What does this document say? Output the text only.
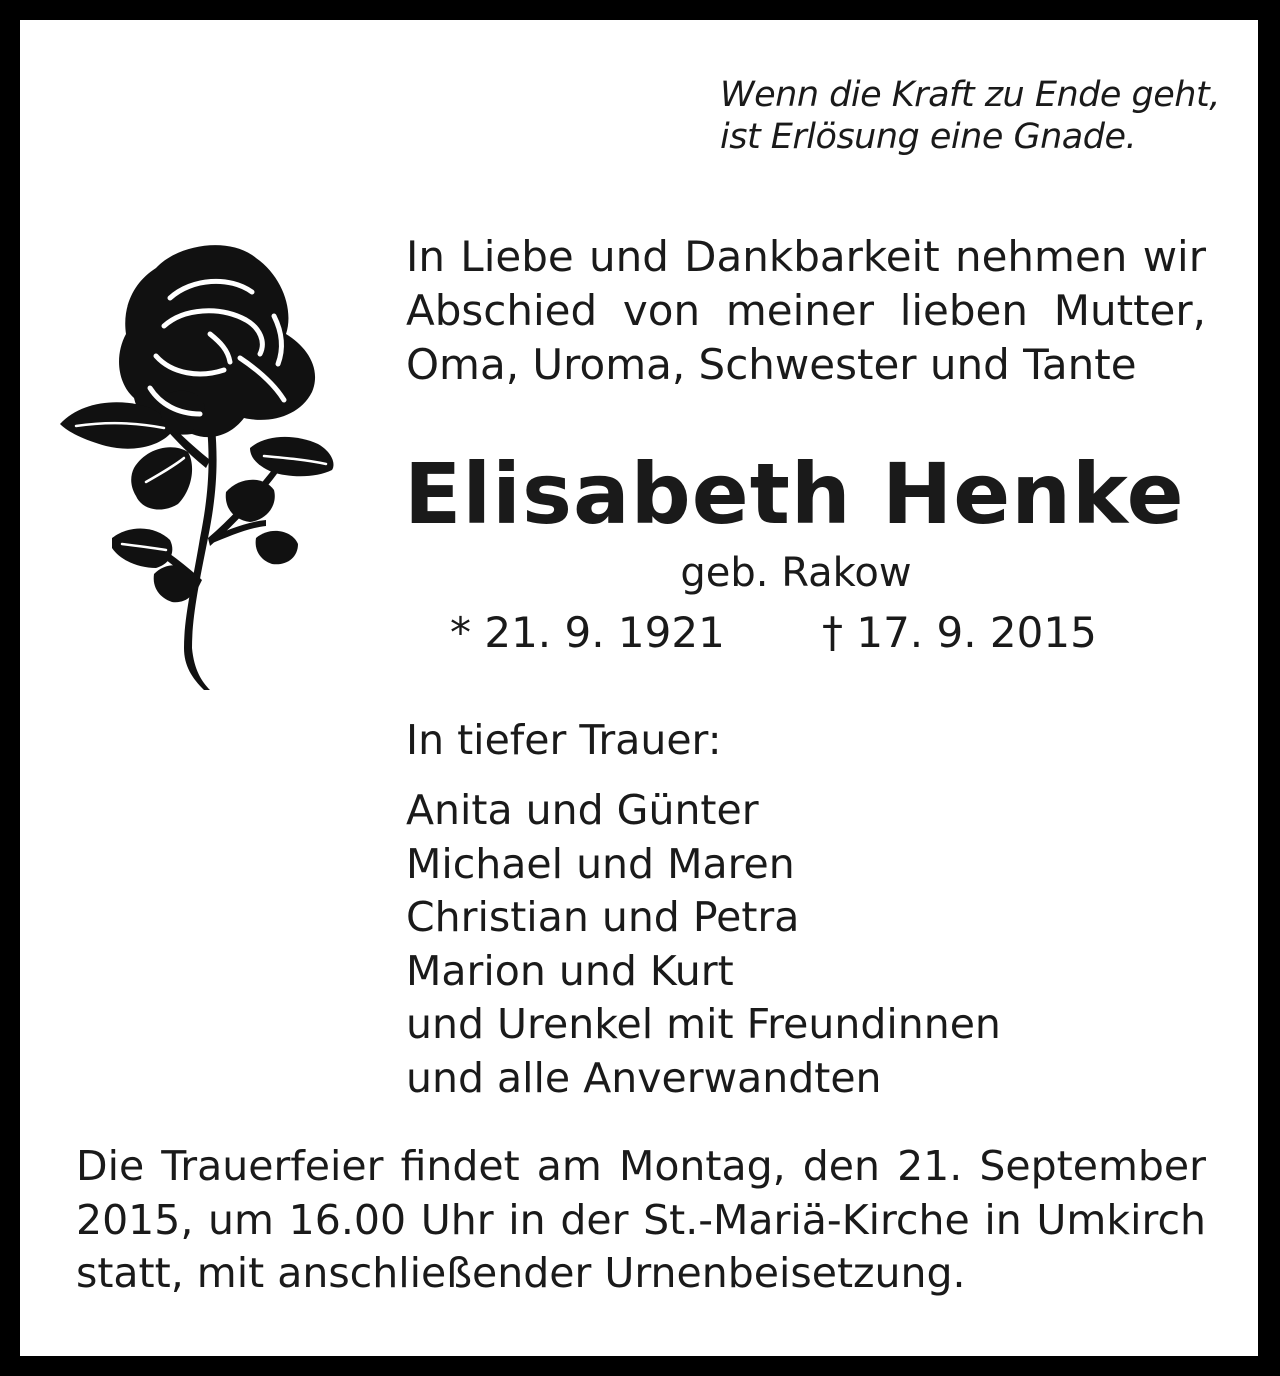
Wenn die Kraft zu Ende geht,
ist Erlösung eine Gnade.
In Liebe und Dankbarkeit nehmen wir
Abschied von meiner lieben Mutter,
Oma, Uroma, Schwester und Tante
Elisabeth Henke
geb. Rakow
* 21. 9. 1921 † 17. 9. 2015
In tiefer Trauer:
Anita und Günter
Michael und Maren
Christian und Petra
Marion und Kurt
und Urenkel mit Freundinnen
und alle Anverwandten
Die Trauerfeier findet am Montag, den 21. September
2015, um 16.00 Uhr in der St.-Mariä-Kirche in Umkirch
statt, mit anschließender Urnenbeisetzung.
